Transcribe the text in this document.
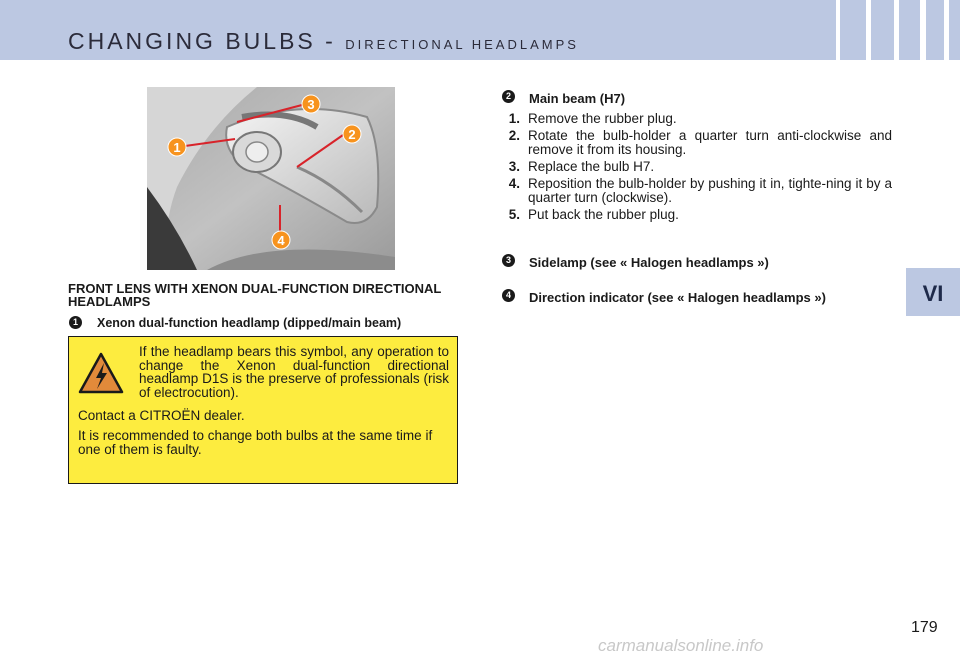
CHANGING BULBS - DIRECTIONAL HEADLAMPS
VI
1
2
3
4
FRONT LENS WITH XENON DUAL-FUNCTION DIRECTIONAL HEADLAMPS
1	Xenon dual-function headlamp (dipped/main beam)
If the headlamp bears this symbol, any operation to change the Xenon dual-function directional headlamp D1S is the preserve of professionals (risk of electrocution).
Contact a CITROËN dealer.
It is recommended to change both bulbs at the same time if one of them is faulty.
2	Main beam (H7)
1. Remove the rubber plug.
2. Rotate the bulb-holder a quarter turn anti-clockwise and remove it from its housing.
3. Replace the bulb H7.
4. Reposition the bulb-holder by pushing it in, tighte-ning it by a quarter turn (clockwise).
5. Put back the rubber plug.
3	Sidelamp (see « Halogen headlamps »)
4	Direction indicator (see « Halogen headlamps »)
179
carmanualsonline.info
